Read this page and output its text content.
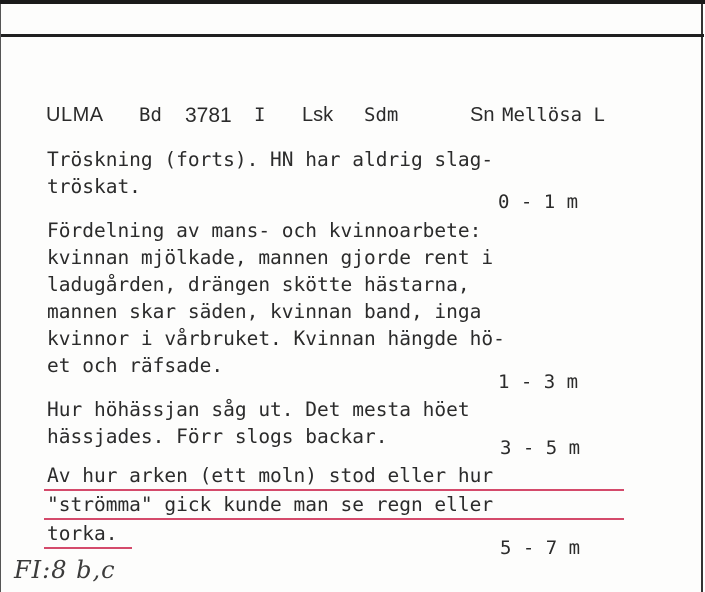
ULMA Bd 3781 I Lsk Sdm	Sn Mellösa L
Tröskning (forts). HN har aldrig slag-
tröskat.
0 - 1 m
Fördelning av mans- och kvinnoarbete:
kvinnan mjölkade, mannen gjorde rent i
ladugården, drängen skötte hästarna,
mannen skar säden, kvinnan band, inga
kvinnor i vårbruket. Kvinnan hängde hö-
et och räfsade.
1 - 3 m
Hur höhässjan såg ut. Det mesta höet
hässjades. Förr slogs backar.	3 - 5 m
Av hur arken (ett moln) stod eller hur
"strömma" gick kunde man se regn eller
torka.
5 - 7 m
FI:8 b,c
